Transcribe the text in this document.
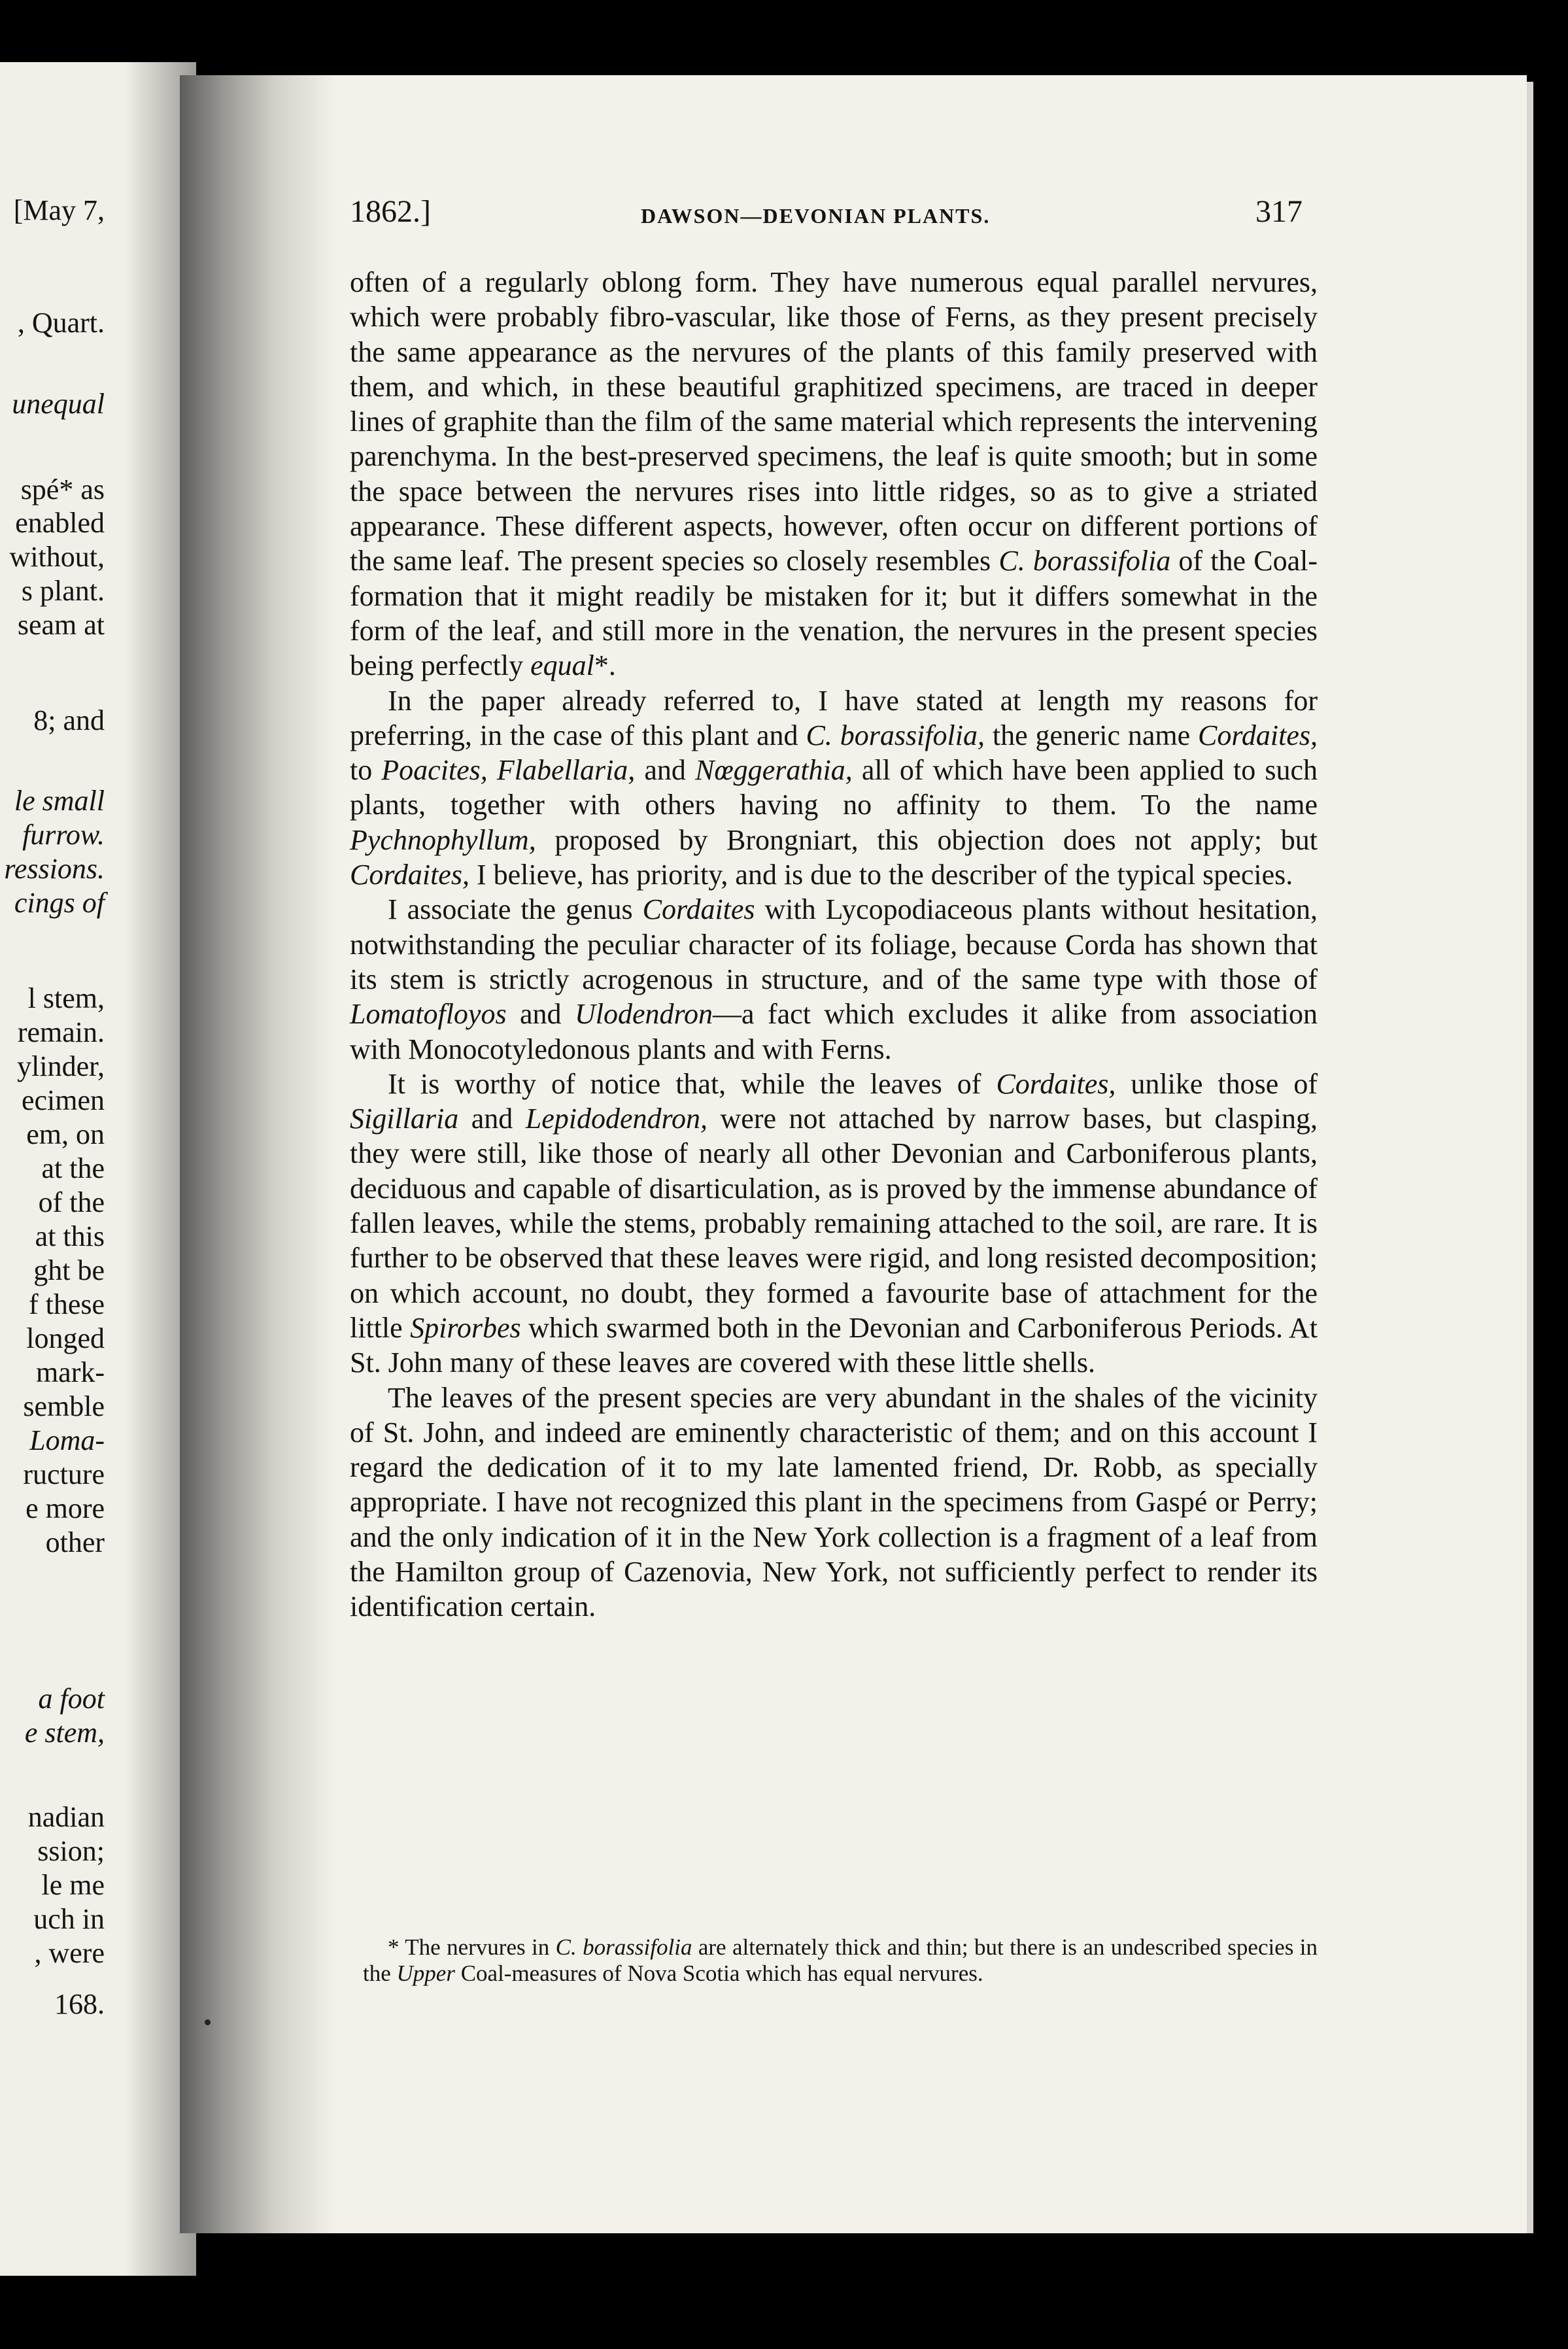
[May 7,
, Quart.
unequal
spé* as
enabled
without,
s plant.
seam at
8; and
le small
furrow.
ressions.
cings of
l stem,
remain.
ylinder,
ecimen
em, on
at the
of the
at this
ght be
f these
longed
mark-
semble
Loma-
ructure
e more
other
a foot
e stem,
nadian
ssion;
le me
uch in
, were
168.
1862.]	DAWSON—DEVONIAN PLANTS.	317

often of a regularly oblong form. They have numerous equal parallel nervures, which were probably fibro-vascular, like those of Ferns, as they present precisely the same appearance as the nervures of the plants of this family preserved with them, and which, in these beautiful graphitized specimens, are traced in deeper lines of graphite than the film of the same material which represents the intervening parenchyma. In the best-preserved specimens, the leaf is quite smooth; but in some the space between the nervures rises into little ridges, so as to give a striated appearance. These different aspects, however, often occur on different portions of the same leaf. The present species so closely resembles C. borassifolia of the Coal-formation that it might readily be mistaken for it; but it differs somewhat in the form of the leaf, and still more in the venation, the nervures in the present species being perfectly equal*.

In the paper already referred to, I have stated at length my reasons for preferring, in the case of this plant and C. borassifolia, the generic name Cordaites, to Poacites, Flabellaria, and Nœggerathia, all of which have been applied to such plants, together with others having no affinity to them. To the name Pychnophyllum, proposed by Brongniart, this objection does not apply; but Cordaites, I believe, has priority, and is due to the describer of the typical species.

I associate the genus Cordaites with Lycopodiaceous plants without hesitation, notwithstanding the peculiar character of its foliage, because Corda has shown that its stem is strictly acrogenous in structure, and of the same type with those of Lomatofloyos and Ulodendron—a fact which excludes it alike from association with Monocotyledonous plants and with Ferns.

It is worthy of notice that, while the leaves of Cordaites, unlike those of Sigillaria and Lepidodendron, were not attached by narrow bases, but clasping, they were still, like those of nearly all other Devonian and Carboniferous plants, deciduous and capable of disarticulation, as is proved by the immense abundance of fallen leaves, while the stems, probably remaining attached to the soil, are rare. It is further to be observed that these leaves were rigid, and long resisted decomposition; on which account, no doubt, they formed a favourite base of attachment for the little Spirorbes which swarmed both in the Devonian and Carboniferous Periods. At St. John many of these leaves are covered with these little shells.

The leaves of the present species are very abundant in the shales of the vicinity of St. John, and indeed are eminently characteristic of them; and on this account I regard the dedication of it to my late lamented friend, Dr. Robb, as specially appropriate. I have not recognized this plant in the specimens from Gaspé or Perry; and the only indication of it in the New York collection is a fragment of a leaf from the Hamilton group of Cazenovia, New York, not sufficiently perfect to render its identification certain.

* The nervures in C. borassifolia are alternately thick and thin; but there is an undescribed species in the Upper Coal-measures of Nova Scotia which has equal nervures.
